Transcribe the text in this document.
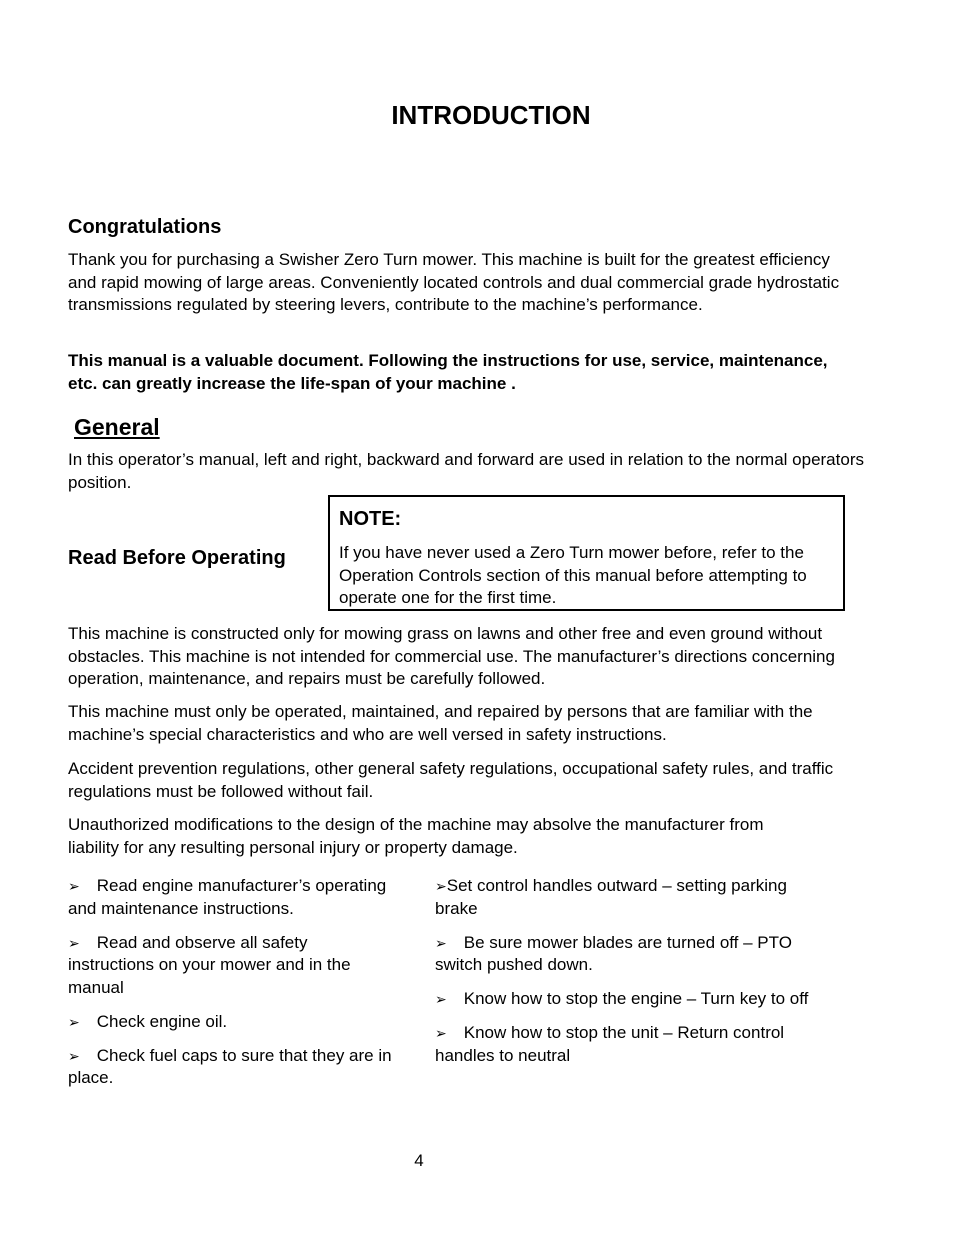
INTRODUCTION
Congratulations

Thank you for purchasing a Swisher Zero Turn mower. This machine is built for the greatest efficiency and rapid mowing of large areas. Conveniently located controls and dual commercial grade hydrostatic transmissions regulated by steering levers, contribute to the machine’s performance.

This manual is a valuable document. Following the instructions for use, service, maintenance, etc. can greatly increase the life-span of your machine .

General

In this operator’s manual, left and right, backward and forward are used in relation to the normal operators position.

Read Before Operating
NOTE:
If you have never used a Zero Turn mower before, refer to the Operation Controls section of this manual before attempting to operate one for the first time.

This machine is constructed only for mowing grass on lawns and other free and even ground without obstacles. This machine is not intended for commercial use. The manufacturer’s directions concerning operation, maintenance, and repairs must be carefully followed.

This machine must only be operated, maintained, and repaired by persons that are familiar with the machine’s special characteristics and who are well versed in safety instructions.

Accident prevention regulations, other general safety regulations, occupational safety rules, and traffic regulations must be followed without fail.

Unauthorized modifications to the design of the machine may absolve the manufacturer from liability for any resulting personal injury or property damage.

➢ Read engine manufacturer’s operating and maintenance instructions.
➢ Read and observe all safety instructions on your mower and in the manual
➢ Check engine oil.
➢ Check fuel caps to sure that they are in place.
➢Set control handles outward – setting parking brake
➢ Be sure mower blades are turned off – PTO switch pushed down.
➢ Know how to stop the engine – Turn key to off
➢ Know how to stop the unit – Return control handles to neutral
4
